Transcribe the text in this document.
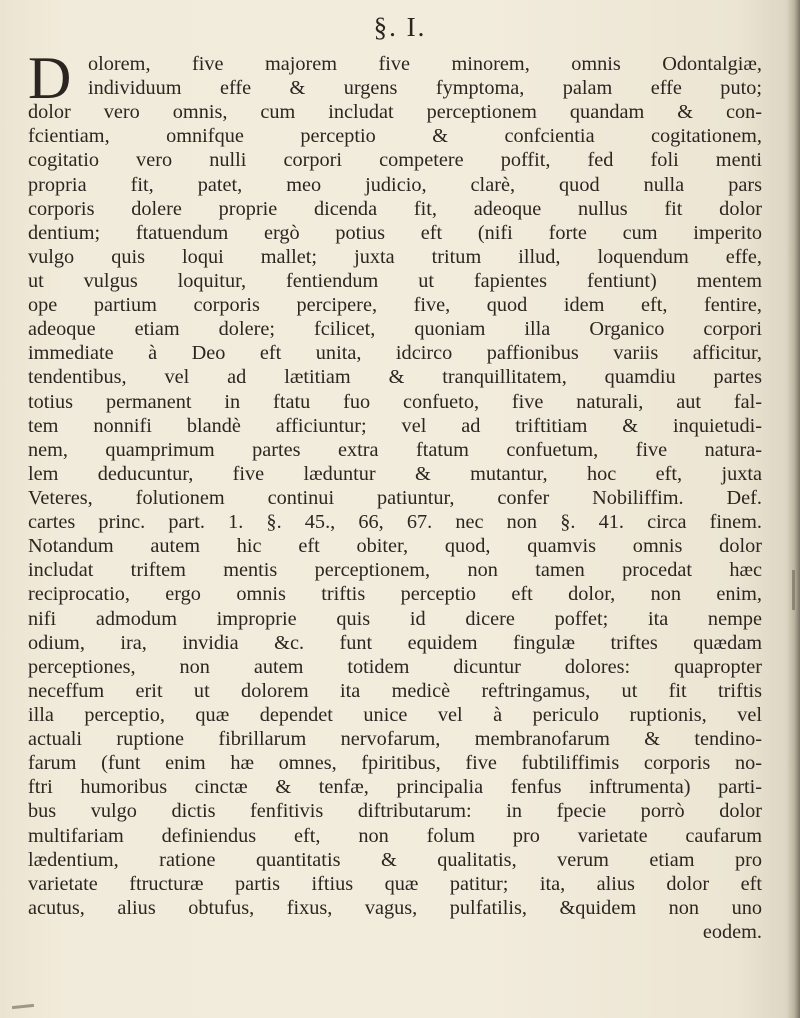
§. I.
D olorem, five majorem five minorem, omnis Odontalgiæ,
individuum effe & urgens fymptoma, palam effe puto;
dolor vero omnis, cum includat perceptionem quandam & con-
fcientiam, omnifque perceptio & confcientia cogitationem,
cogitatio vero nulli corpori competere poffit, fed foli menti
propria fit, patet, meo judicio, clarè, quod nulla pars
corporis dolere proprie dicenda fit, adeoque nullus fit dolor
dentium; ftatuendum ergò potius eft (nifi forte cum imperito
vulgo quis loqui mallet; juxta tritum illud, loquendum effe,
ut vulgus loquitur, fentiendum ut fapientes fentiunt) mentem
ope partium corporis percipere, five, quod idem eft, fentire,
adeoque etiam dolere; fcilicet, quoniam illa Organico corpori
immediate à Deo eft unita, idcirco paffionibus variis afficitur,
tendentibus, vel ad lætitiam & tranquillitatem, quamdiu partes
totius permanent in ftatu fuo confueto, five naturali, aut fal-
tem nonnifi blandè afficiuntur; vel ad triftitiam & inquietudi-
nem, quamprimum partes extra ftatum confuetum, five natura-
lem deducuntur, five læduntur & mutantur, hoc eft, juxta
Veteres, folutionem continui patiuntur, confer Nobiliffim. Def.
cartes princ. part. 1. §. 45., 66, 67. nec non §. 41. circa finem.
Notandum autem hic eft obiter, quod, quamvis omnis dolor
includat triftem mentis perceptionem, non tamen procedat hæc
reciprocatio, ergo omnis triftis perceptio eft dolor, non enim,
nifi admodum improprie quis id dicere poffet; ita nempe
odium, ira, invidia &c. funt equidem fingulæ triftes quædam
perceptiones, non autem totidem dicuntur dolores: quapropter
neceffum erit ut dolorem ita medicè reftringamus, ut fit triftis
illa perceptio, quæ dependet unice vel à periculo ruptionis, vel
actuali ruptione fibrillarum nervofarum, membranofarum & tendino-
farum (funt enim hæ omnes, fpiritibus, five fubtiliffimis corporis no-
ftri humoribus cinctæ & tenfæ, principalia fenfus inftrumenta) parti-
bus vulgo dictis fenfitivis diftributarum: in fpecie porrò dolor
multifariam definiendus eft, non folum pro varietate caufarum
lædentium, ratione quantitatis & qualitatis, verum etiam pro
varietate ftructuræ partis iftius quæ patitur; ita, alius dolor eft
acutus, alius obtufus, fixus, vagus, pulfatilis, &quidem non uno
eodem.
